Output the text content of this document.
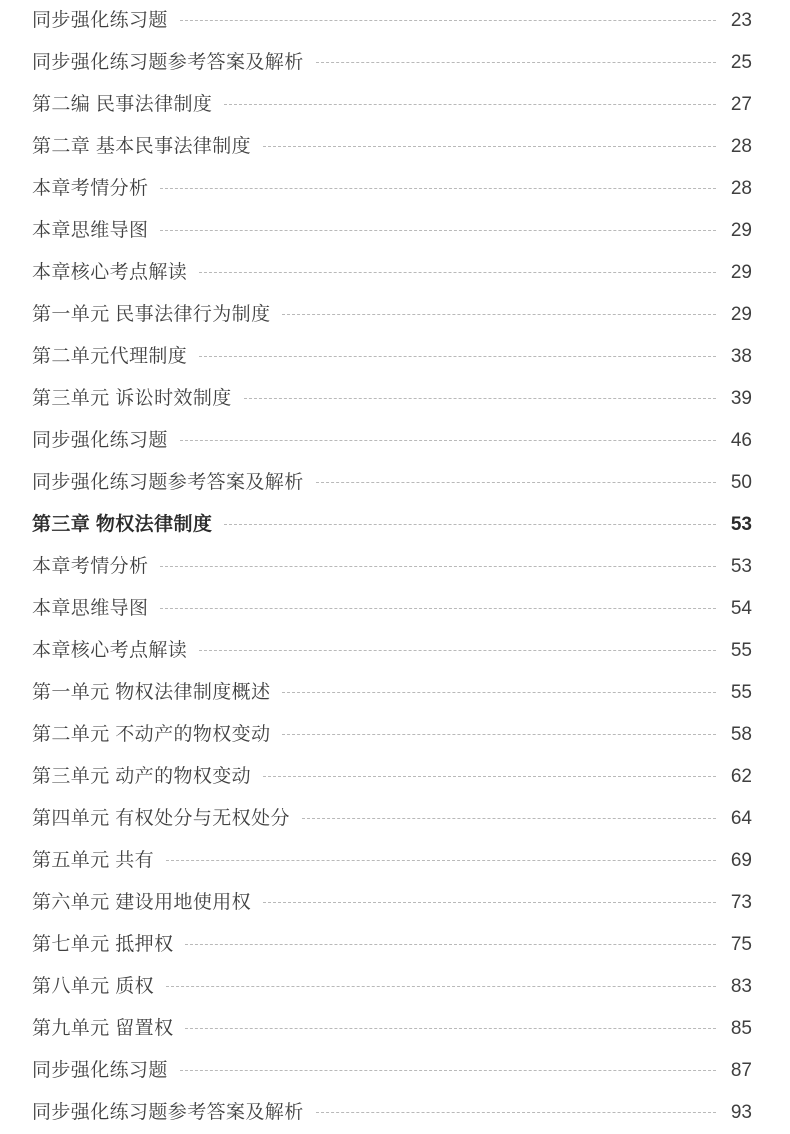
同步强化练习题	23
同步强化练习题参考答案及解析	25
第二编 民事法律制度	27
第二章 基本民事法律制度	28
本章考情分析	28
本章思维导图	29
本章核心考点解读	29
第一单元 民事法律行为制度	29
第二单元代理制度	38
第三单元 诉讼时效制度	39
同步强化练习题	46
同步强化练习题参考答案及解析	50
第三章 物权法律制度	53
本章考情分析	53
本章思维导图	54
本章核心考点解读	55
第一单元 物权法律制度概述	55
第二单元 不动产的物权变动	58
第三单元 动产的物权变动	62
第四单元 有权处分与无权处分	64
第五单元 共有	69
第六单元 建设用地使用权	73
第七单元 抵押权	75
第八单元 质权	83
第九单元 留置权	85
同步强化练习题	87
同步强化练习题参考答案及解析	93
